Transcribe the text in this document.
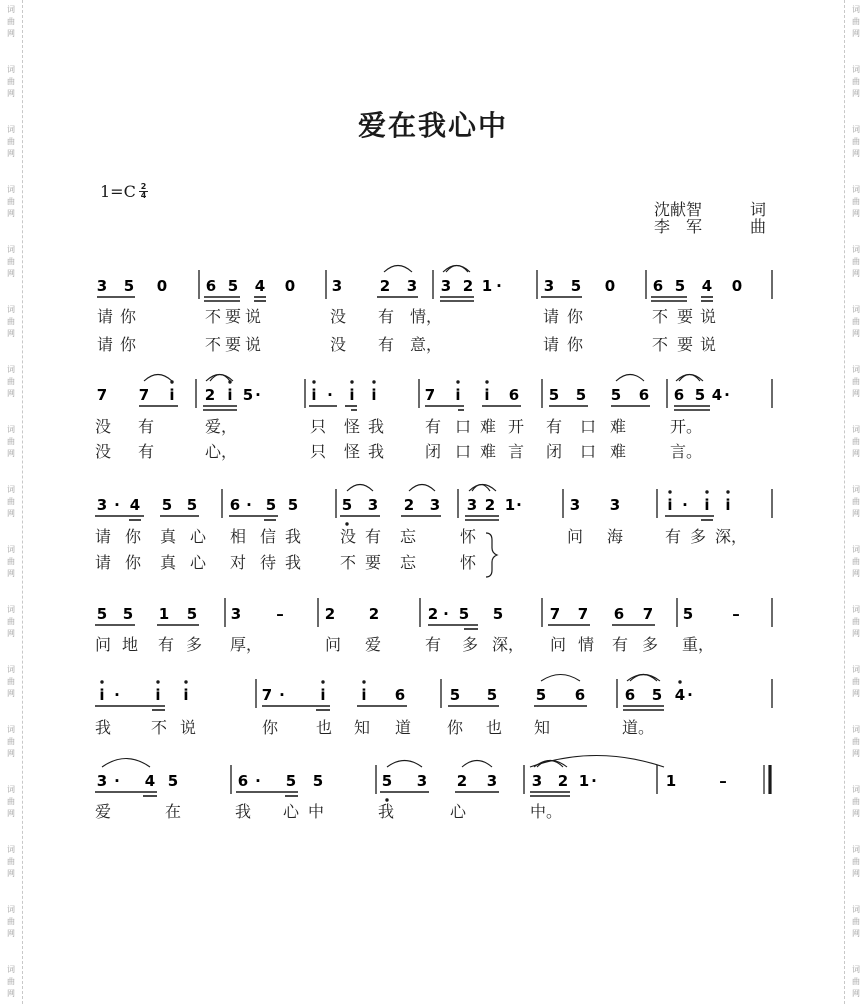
词
曲
网
词
曲
网
词
曲
网
词
曲
网
词
曲
网
词
曲
网
词
曲
网
词
曲
网
词
曲
网
词
曲
网
词
曲
网
词
曲
网
词
曲
网
词
曲
网
词
曲
网
词
曲
网
词
曲
网
词
曲
网
词
曲
网
词
曲
网
词
曲
网
词
曲
网
词
曲
网
词
曲
网
词
曲
网
词
曲
网
词
曲
网
词
曲
网
词
曲
网
词
曲
网
词
曲
网
词
曲
网
词
曲
网
词
曲
网
爱在我心中
1=C 2
4
沈献智	词
李　军	曲
3 5 0	6 5 4 0 3	2 3 3 2 1 ·	3 5 0	6 5 4 0
请 你	不 要 说	没 有 情，	请 你	不 要 说
请 你	不 要 说	没 有 意，	请 你	不 要 说
7 7 i 2 i 5 ·	i · i i	7 i i 6 5 5 5 6 6 5 4 ·
没 有	爱，	只 怪 我	有 口 难 开 有 口 难	开。
没 有	心，	只 怪 我	闭 口 难 言 闭 口 难	言。
3 · 4 5 5 6 · 5 5	5 3 2 3 3 2 1 ·	3 3	i · i i
请 你 真 心 相 信 我 没 有 忘	怀	问 海	有 多 深，
请 你 真 心 对 待 我 不 要 忘	怀
5 5 1 5 3 –	2 2	2 · 5 5	7 7 6 7 5	–
问 地 有 多 厚，	问 爱	有 多 深， 问 情 有 多 重，
i · i i	7 · i i 6	5 5	5 6	6 5 4 ·
我 不 说	你 也 知 道 你 也 知	道。
3 · 4 5	6 · 5 5	5 3 2 3 3 2 1 ·	1	–
爱	在	我 心 中	我	心	中。
